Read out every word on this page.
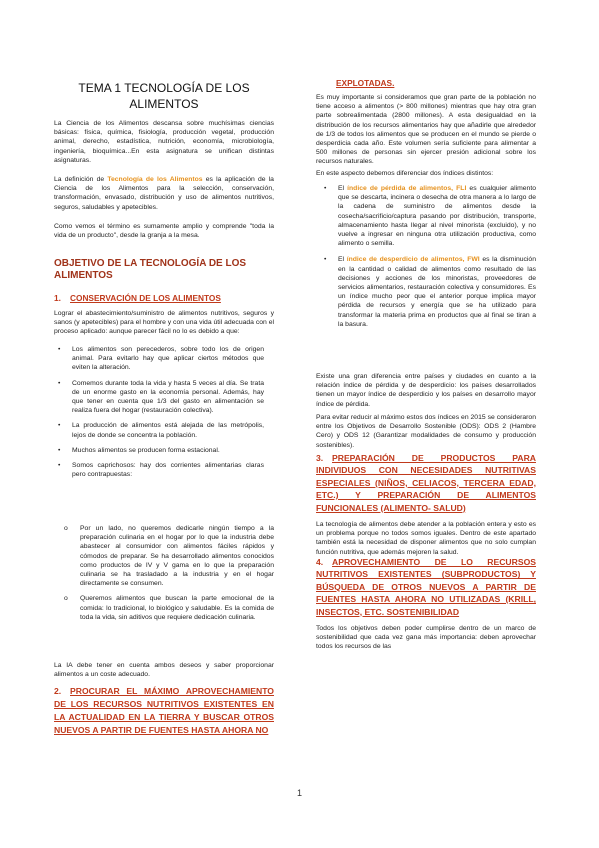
TEMA 1 TECNOLOGÍA DE LOS
ALIMENTOS

La Ciencia de los Alimentos descansa sobre muchísimas ciencias básicas: física, química, fisiología, producción vegetal, producción animal, derecho, estadística, nutrición, economía, microbiología, ingeniería, bioquímica...En esta asignatura se unifican distintas asignaturas.

La definición de Tecnología de los Alimentos es la aplicación de la Ciencia de los Alimentos para la selección, conservación, transformación, envasado, distribución y uso de alimentos nutritivos, seguros, saludables y apetecibles.

Como vemos el término es sumamente amplio y comprende "toda la vida de un producto", desde la granja a la mesa.

OBJETIVO DE LA TECNOLOGÍA DE LOS ALIMENTOS
1. CONSERVACIÓN DE LOS ALIMENTOS

Lograr el abastecimiento/suministro de alimentos nutritivos, seguros y sanos (y apetecibles) para el hombre y con una vida útil adecuada con el proceso aplicado: aunque parecer fácil no lo es debido a que:

• Los alimentos son perecederos, sobre todo los de origen animal. Para evitarlo hay que aplicar ciertos métodos que eviten la alteración.
• Comemos durante toda la vida y hasta 5 veces al día. Se trata de un enorme gasto en la economía personal. Además, hay que tener en cuenta que 1/3 del gasto en alimentación se realiza fuera del hogar (restauración colectiva).
• La producción de alimentos está alejada de las metrópolis, lejos de donde se concentra la población.
• Muchos alimentos se producen forma estacional.
• Somos caprichosos: hay dos corrientes alimentarias claras pero contrapuestas:
o Por un lado, no queremos dedicarle ningún tiempo a la preparación culinaria en el hogar por lo que la industria debe abastecer al consumidor con alimentos fáciles rápidos y cómodos de preparar. Se ha desarrollado alimentos conocidos como productos de IV y V gama en lo que la preparación culinaria se ha trasladado a la industria y en el hogar directamente se consumen.
o Queremos alimentos que buscan la parte emocional de la comida: lo tradicional, lo biológico y saludable. Es la comida de toda la vida, sin aditivos que requiere dedicación culinaria.

La IA debe tener en cuenta ambos deseos y saber proporcionar alimentos a un coste adecuado.

2. PROCURAR EL MÁXIMO APROVECHAMIENTO DE LOS RECURSOS NUTRITIVOS EXISTENTES EN LA ACTUALIDAD EN LA TIERRA Y BUSCAR OTROS NUEVOS A PARTIR DE FUENTES HASTA AHORA NO
EXPLOTADAS.

Es muy importante si consideramos que gran parte de la población no tiene acceso a alimentos (> 800 millones) mientras que hay otra gran parte sobrealimentada (2800 millones). A esta desigualdad en la distribución de los recursos alimentarios hay que añadirle que alrededor de 1/3 de todos los alimentos que se producen en el mundo se pierde o desperdicia cada año. Este volumen sería suficiente para alimentar a 500 millones de personas sin ejercer presión adicional sobre los recursos naturales.

En este aspecto debemos diferenciar dos índices distintos:

• El índice de pérdida de alimentos, FLI es cualquier alimento que se descarta, incinera o desecha de otra manera a lo largo de la cadena de suministro de alimentos desde la cosecha/sacrificio/captura pasando por distribución, transporte, almacenamiento hasta llegar al nivel minorista (excluido), y no vuelve a ingresar en ninguna otra utilización productiva, como alimento o semilla.
• El índice de desperdicio de alimentos, FWI es la disminución en la cantidad o calidad de alimentos como resultado de las decisiones y acciones de los minoristas, proveedores de servicios alimentarios, restauración colectiva y consumidores. Es un índice mucho peor que el anterior porque implica mayor pérdida de recursos y energía que se ha utilizado para transformar la materia prima en productos que al final se tiran a la basura.

Existe una gran diferencia entre países y ciudades en cuanto a la relación índice de pérdida y de desperdicio: los países desarrollados tienen un mayor índice de desperdicio y los países en desarrollo mayor índice de pérdida.

Para evitar reducir al máximo estos dos índices en 2015 se consideraron entre los Objetivos de Desarrollo Sostenible (ODS): ODS 2 (Hambre Cero) y ODS 12 (Garantizar modalidades de consumo y producción sostenibles).

3. PREPARACIÓN DE PRODUCTOS PARA INDIVIDUOS CON NECESIDADES NUTRITIVAS ESPECIALES (NIÑOS, CELIACOS, TERCERA EDAD, ETC.) Y PREPARACIÓN DE ALIMENTOS FUNCIONALES (ALIMENTO- SALUD)

La tecnología de alimentos debe atender a la población entera y esto es un problema porque no todos somos iguales. Dentro de este apartado también está la necesidad de disponer alimentos que no solo cumplan función nutritiva, que además mejoren la salud.

4. APROVECHAMIENTO DE LO RECURSOS NUTRITIVOS EXISTENTES (SUBPRODUCTOS) Y BÚSQUEDA DE OTROS NUEVOS A PARTIR DE FUENTES HASTA AHORA NO UTILIZADAS (KRILL, INSECTOS, ETC. SOSTENIBILIDAD

Todos los objetivos deben poder cumplirse dentro de un marco de sostenibilidad que cada vez gana más importancia: deben aprovechar todos los recursos de las

1
